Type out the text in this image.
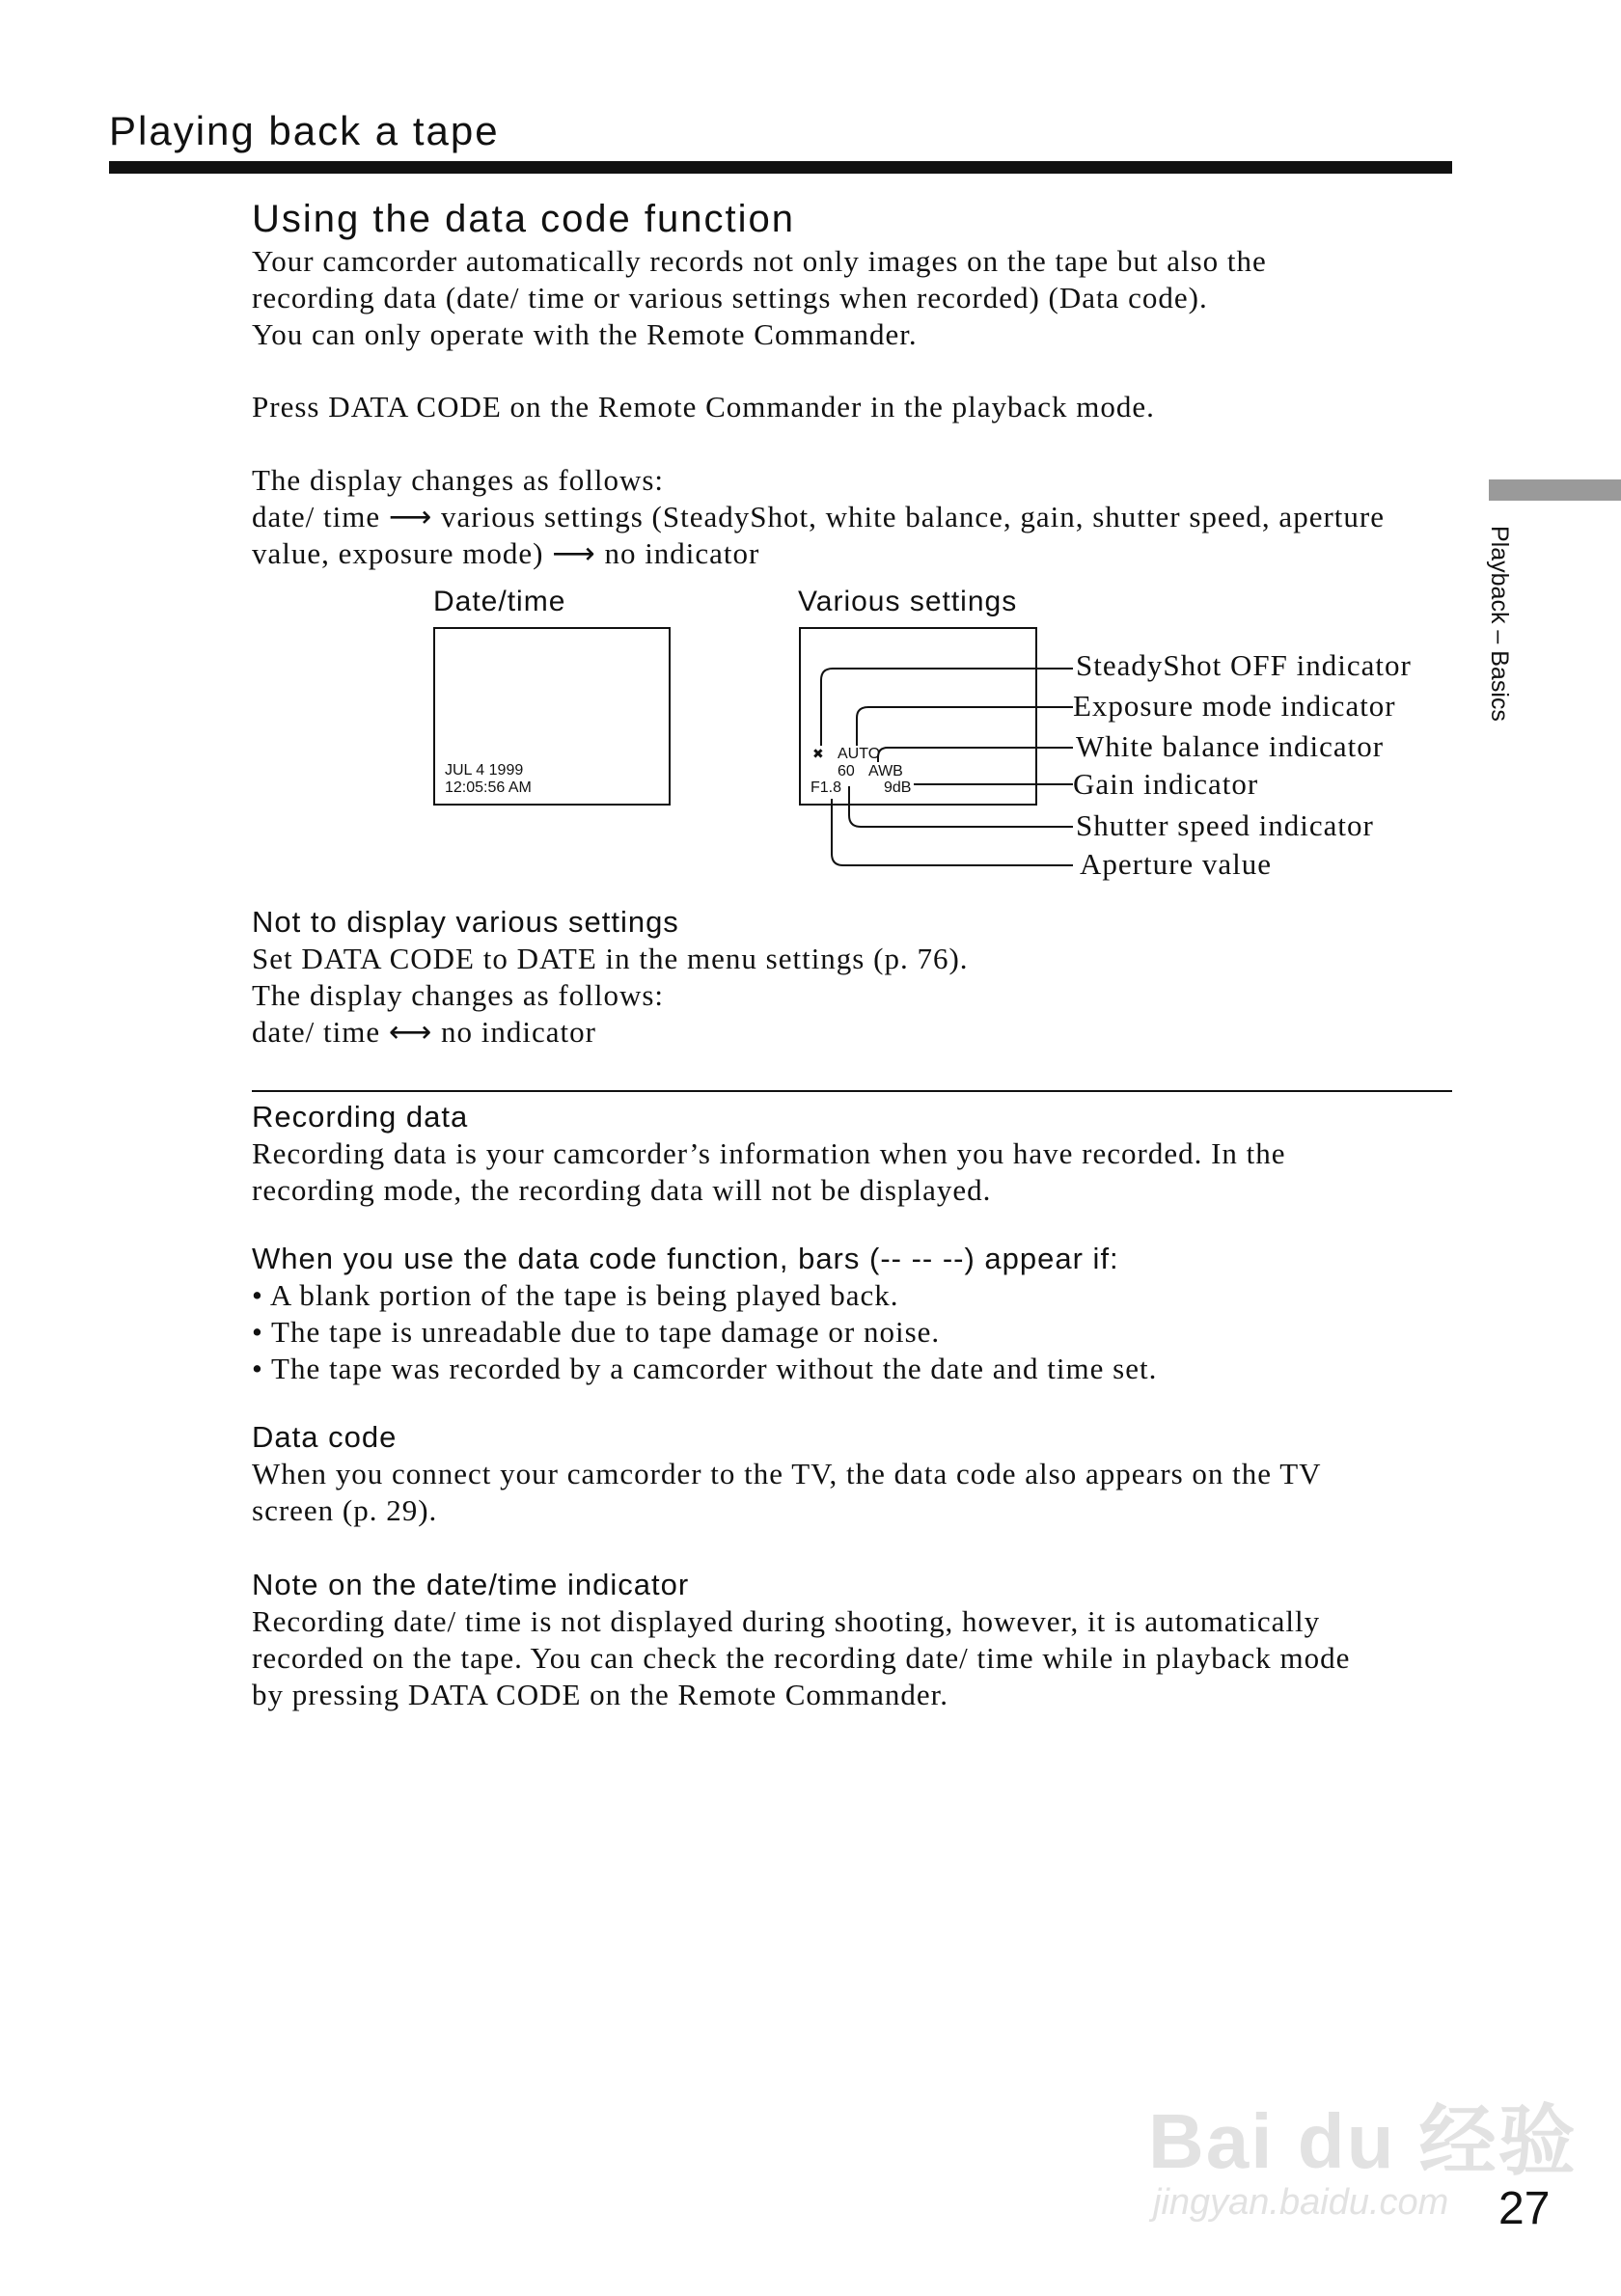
Playing back a tape
Playback – Basics
Using the data code function
Your camcorder automatically records not only images on the tape but also the
recording data (date/ time or various settings when recorded) (Data code).
You can only operate with the Remote Commander.
Press DATA CODE on the Remote Commander in the playback mode.
The display changes as follows:
date/ time ⟶ various settings (SteadyShot, white balance, gain, shutter speed, aperture
value, exposure mode) ⟶ no indicator
Date/time	Various settings
JUL 4 1999
12:05:56 AM
✖ AUTO
60 AWB
F1.8	9dB
SteadyShot OFF indicator
Exposure mode indicator
White balance indicator
Gain indicator
Shutter speed indicator
Aperture value
Not to display various settings
Set DATA CODE to DATE in the menu settings (p. 76).
The display changes as follows:
date/ time ⟷ no indicator
Recording data
Recording data is your camcorder’s information when you have recorded. In the
recording mode, the recording data will not be displayed.
When you use the data code function, bars (-- -- --) appear if:
• A blank portion of the tape is being played back.
• The tape is unreadable due to tape damage or noise.
• The tape was recorded by a camcorder without the date and time set.
Data code
When you connect your camcorder to the TV, the data code also appears on the TV
screen (p. 29).
Note on the date/time indicator
Recording date/ time is not displayed during shooting, however, it is automatically
recorded on the tape. You can check the recording date/ time while in playback mode
by pressing DATA CODE on the Remote Commander.
Bai du 经验
jingyan.baidu.com 27
